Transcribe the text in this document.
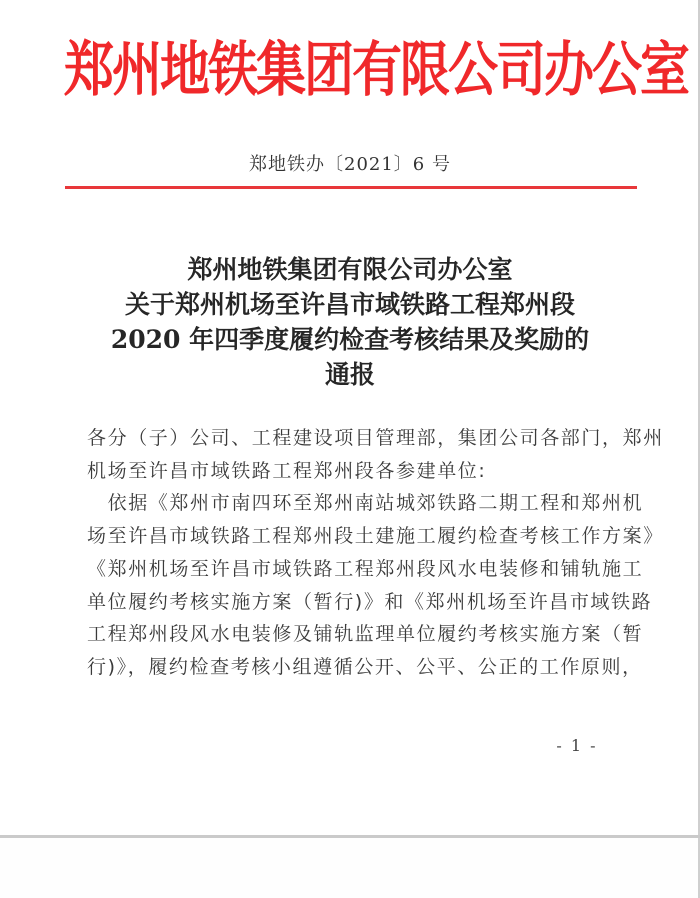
郑州地铁集团有限公司办公室
郑地铁办〔2021〕6 号
郑州地铁集团有限公司办公室
关于郑州机场至许昌市域铁路工程郑州段
2020 年四季度履约检查考核结果及奖励的
通报
各分（子）公司、工程建设项目管理部，集团公司各部门，郑州
机场至许昌市域铁路工程郑州段各参建单位:
　依据《郑州市南四环至郑州南站城郊铁路二期工程和郑州机
场至许昌市域铁路工程郑州段土建施工履约检查考核工作方案》
《郑州机场至许昌市域铁路工程郑州段风水电装修和铺轨施工
单位履约考核实施方案（暂行)》和《郑州机场至许昌市域铁路
工程郑州段风水电装修及铺轨监理单位履约考核实施方案（暂
行)》，履约检查考核小组遵循公开、公平、公正的工作原则，
- 1 -
